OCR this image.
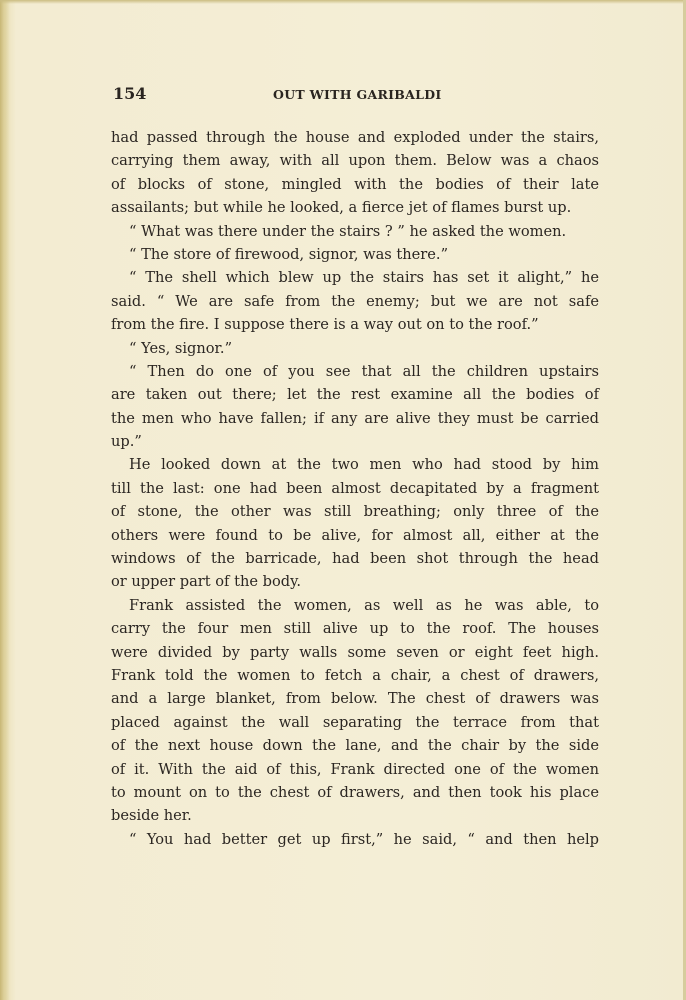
154	OUT WITH GARIBALDI
had passed through the house and exploded under the stairs,
carrying them away, with all upon them. Below was a chaos
of blocks of stone, mingled with the bodies of their late
assailants; but while he looked, a fierce jet of flames burst up.
“ What was there under the stairs ? ” he asked the women.
“ The store of firewood, signor, was there.”
“ The shell which blew up the stairs has set it alight,” he
said. “ We are safe from the enemy; but we are not safe
from the fire. I suppose there is a way out on to the roof.”
“ Yes, signor.”
“ Then do one of you see that all the children upstairs
are taken out there; let the rest examine all the bodies of
the men who have fallen; if any are alive they must be carried
up.”
He looked down at the two men who had stood by him
till the last: one had been almost decapitated by a fragment
of stone, the other was still breathing; only three of the
others were found to be alive, for almost all, either at the
windows of the barricade, had been shot through the head
or upper part of the body.
Frank assisted the women, as well as he was able, to
carry the four men still alive up to the roof. The houses
were divided by party walls some seven or eight feet high.
Frank told the women to fetch a chair, a chest of drawers,
and a large blanket, from below. The chest of drawers was
placed against the wall separating the terrace from that
of the next house down the lane, and the chair by the side
of it. With the aid of this, Frank directed one of the women
to mount on to the chest of drawers, and then took his place
beside her.
“ You had better get up first,” he said, “ and then help
